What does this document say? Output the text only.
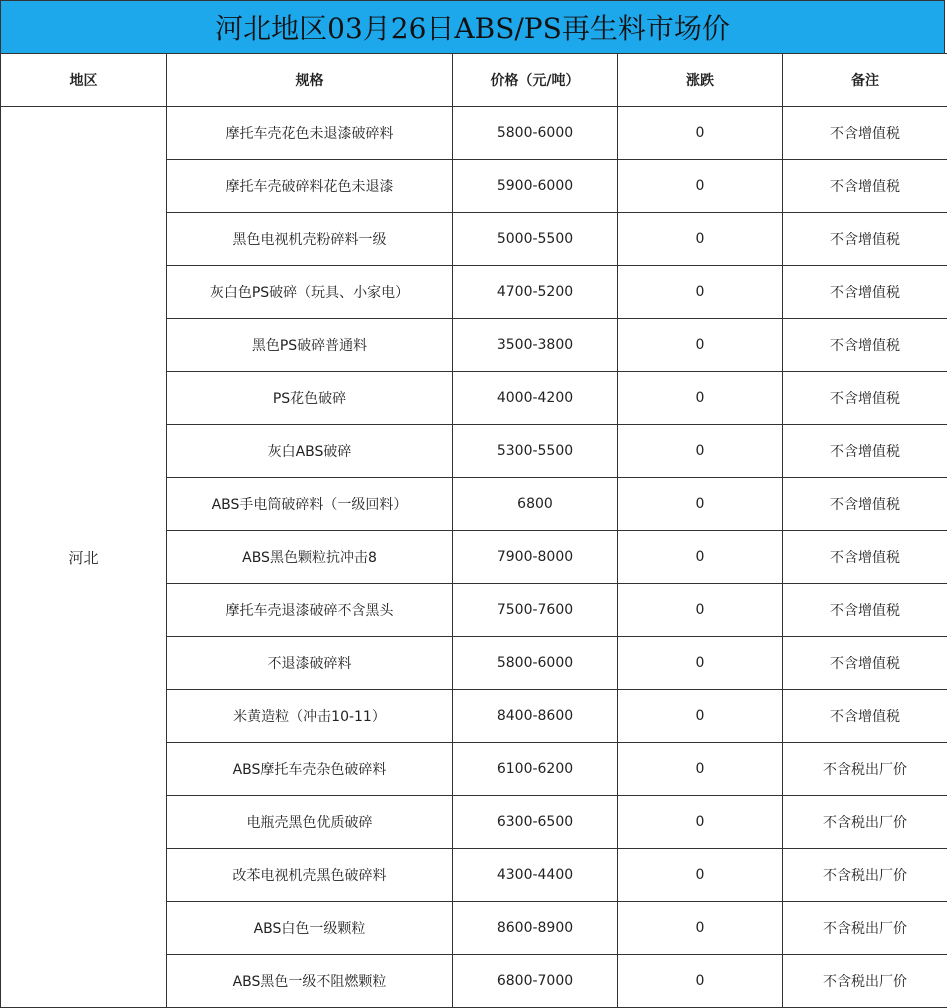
河北地区03月26日ABS/PS再生料市场价
地区	规格	价格（元/吨）	涨跌	备注
河北	摩托车壳花色未退漆破碎料	5800-6000	0	不含增值税
	摩托车壳破碎料花色未退漆	5900-6000	0	不含增值税
	黑色电视机壳粉碎料一级	5000-5500	0	不含增值税
	灰白色PS破碎（玩具、小家电）	4700-5200	0	不含增值税
	黑色PS破碎普通料	3500-3800	0	不含增值税
	PS花色破碎	4000-4200	0	不含增值税
	灰白ABS破碎	5300-5500	0	不含增值税
	ABS手电筒破碎料（一级回料）	6800	0	不含增值税
	ABS黑色颗粒抗冲击8	7900-8000	0	不含增值税
	摩托车壳退漆破碎不含黑头	7500-7600	0	不含增值税
	不退漆破碎料	5800-6000	0	不含增值税
	米黄造粒（冲击10-11）	8400-8600	0	不含增值税
	ABS摩托车壳杂色破碎料	6100-6200	0	不含税出厂价
	电瓶壳黑色优质破碎	6300-6500	0	不含税出厂价
	改苯电视机壳黑色破碎料	4300-4400	0	不含税出厂价
	ABS白色一级颗粒	8600-8900	0	不含税出厂价
	ABS黑色一级不阻燃颗粒	6800-7000	0	不含税出厂价
